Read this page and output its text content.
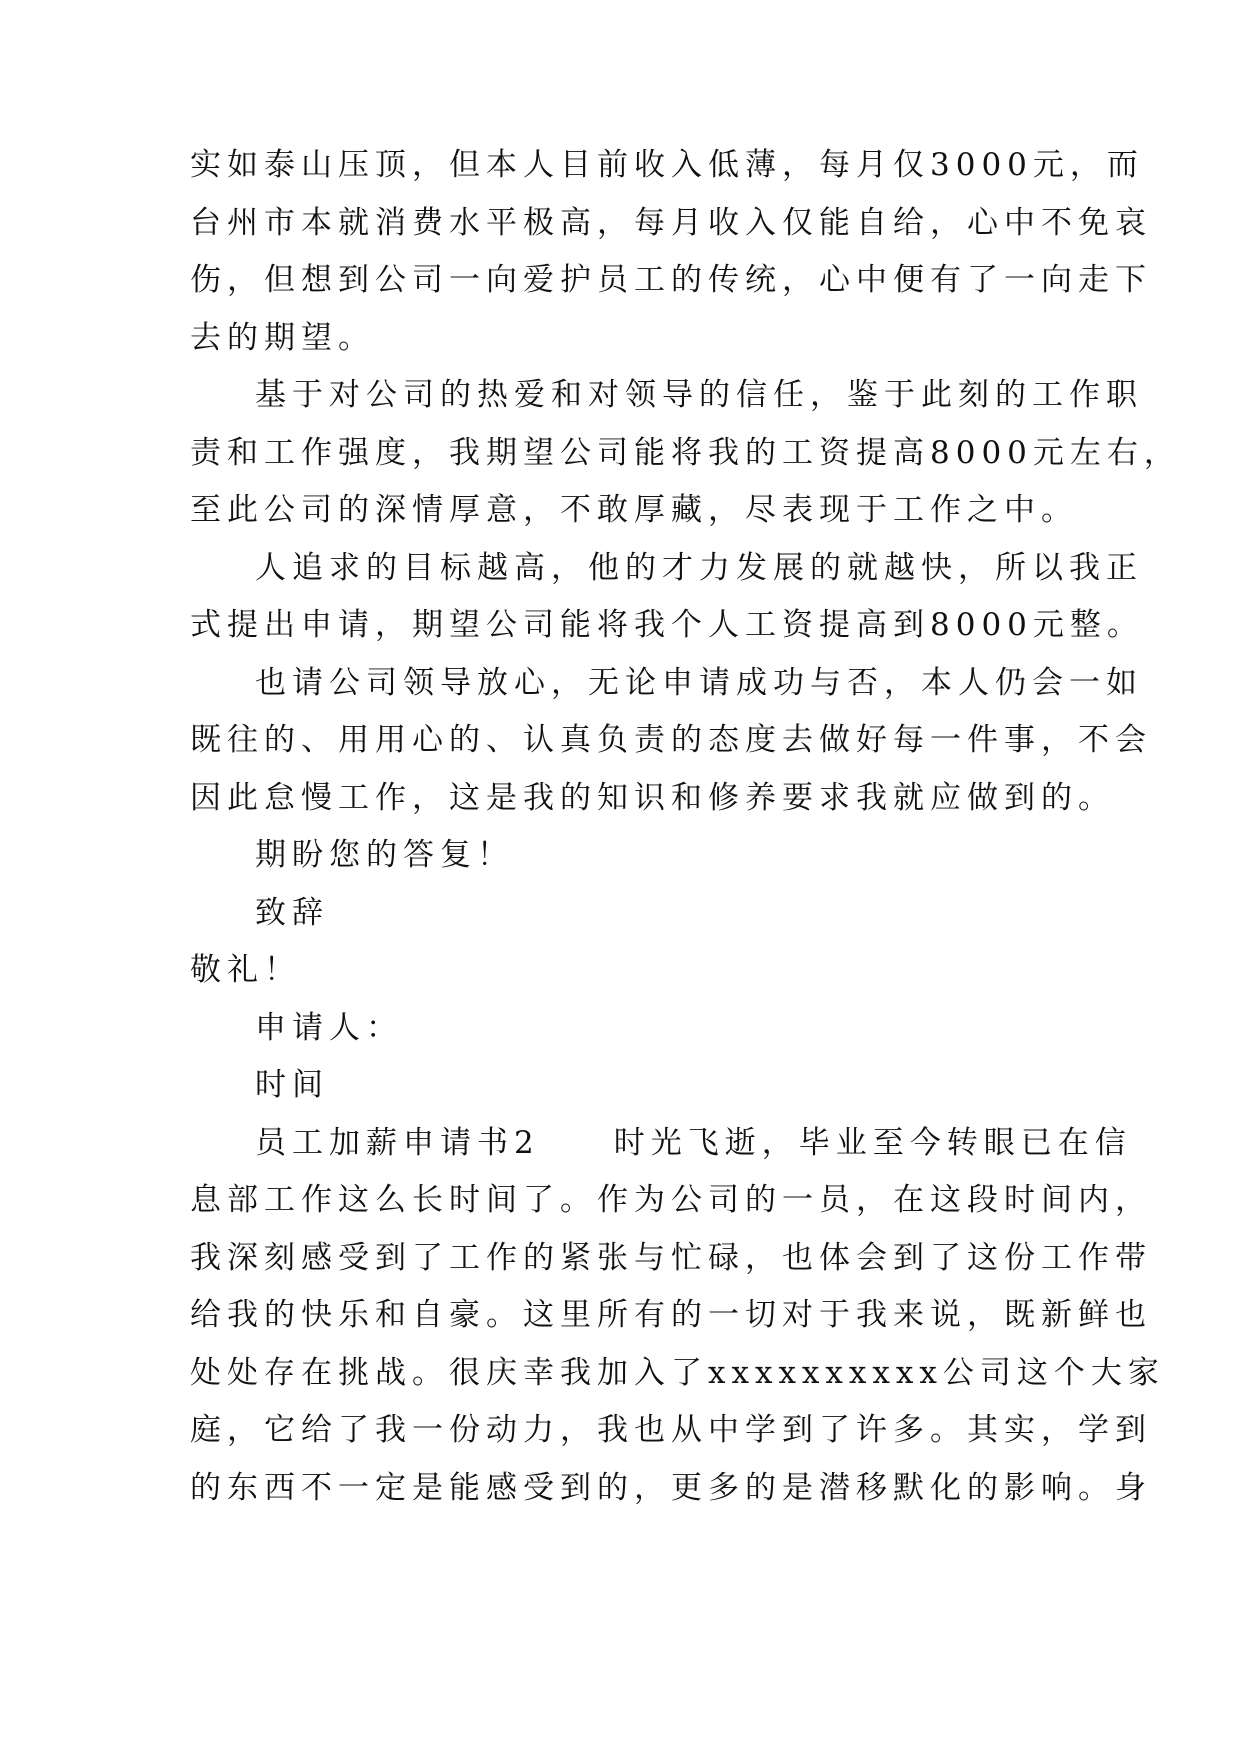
实如泰山压顶，但本人目前收入低薄，每月仅3000元，而
台州市本就消费水平极高，每月收入仅能自给，心中不免哀
伤，但想到公司一向爱护员工的传统，心中便有了一向走下
去的期望。
基于对公司的热爱和对领导的信任，鉴于此刻的工作职
责和工作强度，我期望公司能将我的工资提高8000元左右，
至此公司的深情厚意，不敢厚藏，尽表现于工作之中。
人追求的目标越高，他的才力发展的就越快，所以我正
式提出申请，期望公司能将我个人工资提高到8000元整。
也请公司领导放心，无论申请成功与否，本人仍会一如
既往的、用用心的、认真负责的态度去做好每一件事，不会
因此怠慢工作，这是我的知识和修养要求我就应做到的。
期盼您的答复！
致辞
敬礼！
申请人：
时间
员工加薪申请书2　　时光飞逝，毕业至今转眼已在信
息部工作这么长时间了。作为公司的一员，在这段时间内，
我深刻感受到了工作的紧张与忙碌，也体会到了这份工作带
给我的快乐和自豪。这里所有的一切对于我来说，既新鲜也
处处存在挑战。很庆幸我加入了xxxxxxxxxx公司这个大家
庭，它给了我一份动力，我也从中学到了许多。其实，学到
的东西不一定是能感受到的，更多的是潜移默化的影响。身
